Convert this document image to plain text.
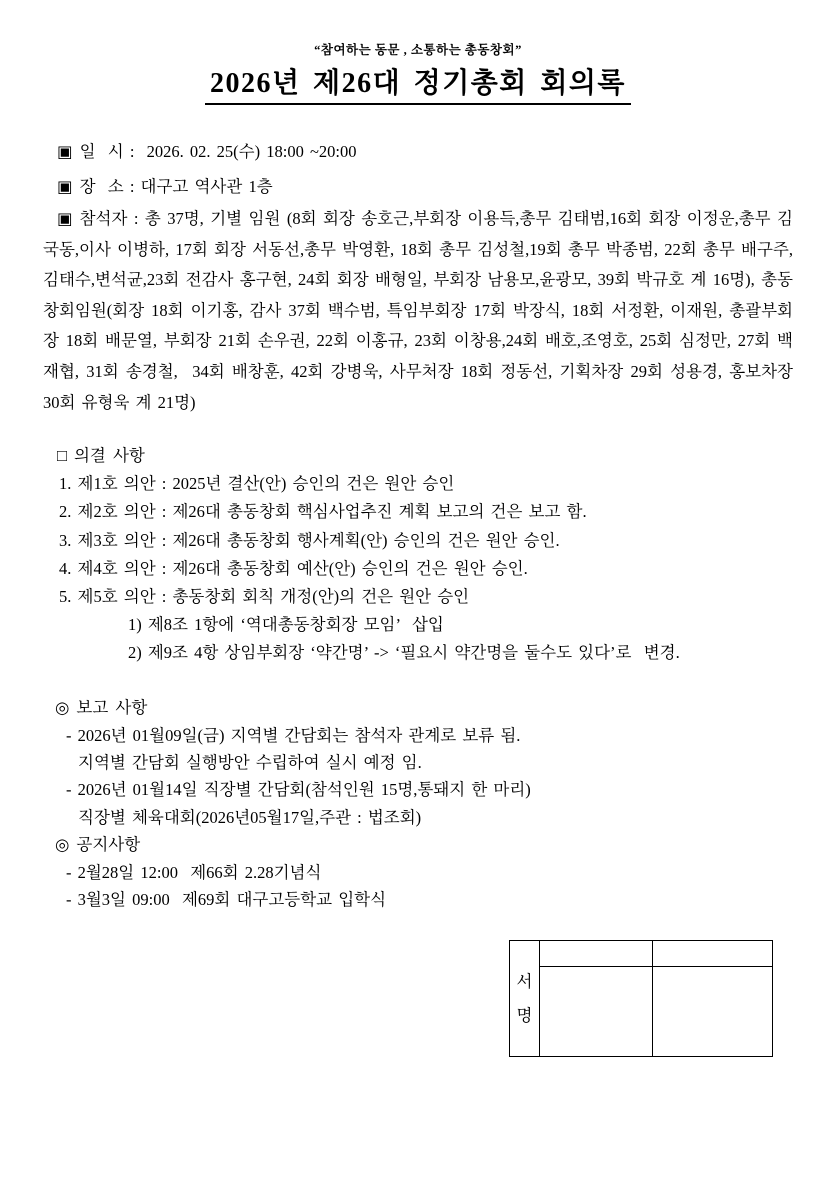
“참여하는 동문 , 소통하는 총동창회”
2026년 제26대 정기총회 회의록
▣ 일  시 :  2026. 02. 25(수) 18:00 ~20:00
▣ 장  소 : 대구고 역사관 1층
▣ 참석자 : 총 37명, 기별 임원 (8회 회장 송호근,부회장 이용득,총무 김태범,16회 회장 이정운,총무 김국동,이사 이병하, 17회 회장 서동선,총무 박영환, 18회 총무 김성철,19회 총무 박종범, 22회 총무 배구주,김태수,변석균,23회 전감사 홍구현, 24회 회장 배형일, 부회장 남용모,윤광모, 39회 박규호 계 16명), 총동창회임원(회장 18회 이기홍, 감사 37회 백수범, 특임부회장 17회 박장식, 18회 서정환, 이재원, 총괄부회장 18회 배문열, 부회장 21회 손우권, 22회 이홍규, 23회 이창용,24회 배호,조영호, 25회 심정만, 27회 백재협, 31회 송경철,  34회 배창훈, 42회 강병욱, 사무처장 18회 정동선, 기획차장 29회 성용경, 홍보차장 30회 유형욱 계 21명)
□ 의결 사항
1. 제1호 의안 : 2025년 결산(안) 승인의 건은 원안 승인
2. 제2호 의안 : 제26대 총동창회 핵심사업추진 계획 보고의 건은 보고 함.
3. 제3호 의안 : 제26대 총동창회 행사계획(안) 승인의 건은 원안 승인.
4. 제4호 의안 : 제26대 총동창회 예산(안) 승인의 건은 원안 승인.
5. 제5호 의안 : 총동창회 회칙 개정(안)의 건은 원안 승인
1) 제8조 1항에 ‘역대총동창회장 모임’  삽입
2) 제9조 4항 상임부회장 ‘약간명’ -> ‘필요시 약간명을 둘수도 있다’로  변경.
◎ 보고 사항
- 2026년 01월09일(금) 지역별 간담회는 참석자 관계로 보류 됨.
지역별 간담회 실행방안 수립하여 실시 예정 임.
- 2026년 01월14일 직장별 간담회(참석인원 15명,통돼지 한 마리)
직장별 체육대회(2026년05월17일,주관 : 법조회)
◎ 공지사항
- 2월28일 12:00  제66회 2.28기념식
- 3월3일 09:00  제69회 대구고등학교 입학식
서명		
